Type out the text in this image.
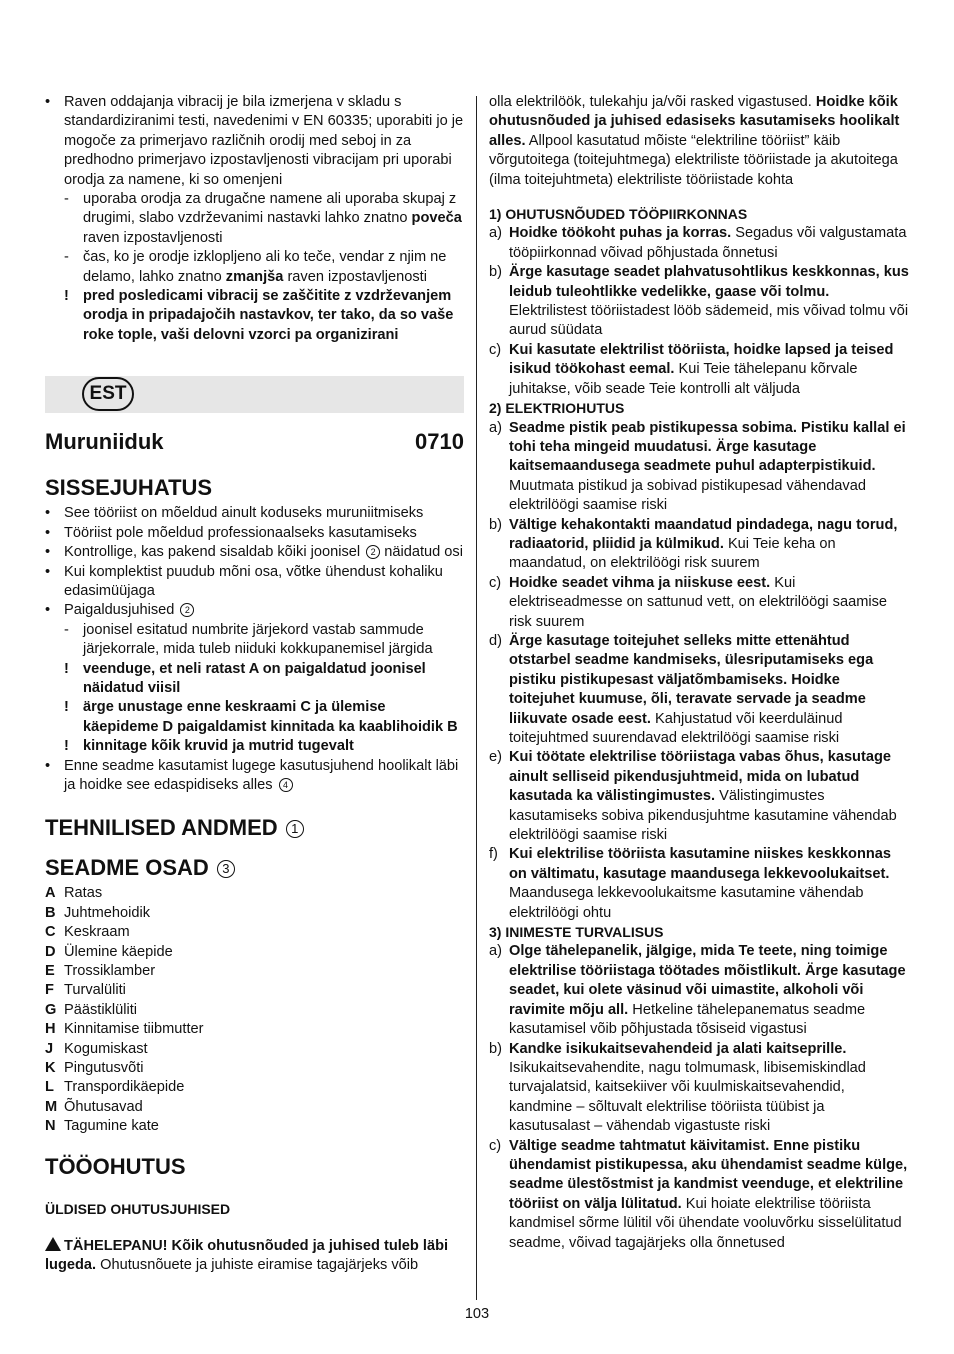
• Raven oddajanja vibracij je bila izmerjena v skladu s standardiziranimi testi, navedenimi v EN 60335; uporabiti jo je mogoče za primerjavo različnih orodij med seboj in za predhodno primerjavo izpostavljenosti vibracijam pri uporabi orodja za namene, ki so omenjeni
- uporaba orodja za drugačne namene ali uporaba skupaj z drugimi, slabo vzdrževanimi nastavki lahko znatno poveča raven izpostavljenosti
- čas, ko je orodje izklopljeno ali ko teče, vendar z njim ne delamo, lahko znatno zmanjša raven izpostavljenosti
! pred posledicami vibracij se zaščitite z vzdrževanjem orodja in pripadajočih nastavkov, ter tako, da so vaše roke tople, vaši delovni vzorci pa organizirani
EST
Muruniiduk	0710
SISSEJUHATUS
• See tööriist on mõeldud ainult koduseks muruniitmiseks
• Tööriist pole mõeldud professionaalseks kasutamiseks
• Kontrollige, kas pakend sisaldab kõiki joonisel 2 näidatud osi
• Kui komplektist puudub mõni osa, võtke ühendust kohaliku edasimüüjaga
• Paigaldusjuhised 2
- joonisel esitatud numbrite järjekord vastab sammude järjekorrale, mida tuleb niiduki kokkupanemisel järgida
! veenduge, et neli ratast A on paigaldatud joonisel näidatud viisil
! ärge unustage enne keskraami C ja ülemise käepideme D paigaldamist kinnitada ka kaablihoidik B
! kinnitage kõik kruvid ja mutrid tugevalt
• Enne seadme kasutamist lugege kasutusjuhend hoolikalt läbi ja hoidke see edaspidiseks alles 4
TEHNILISED ANDMED 1
SEADME OSAD 3
A Ratas
B Juhtmehoidik
C Keskraam
D Ülemine käepide
E Trossiklamber
F Turvalüliti
G Päästiklüliti
H Kinnitamise tiibmutter
J Kogumiskast
K Pingutusvõti
L Transpordikäepide
M Õhutusavad
N Tagumine kate
TÖÖOHUTUS
ÜLDISED OHUTUSJUHISED
TÄHELEPANU! Kõik ohutusnõuded ja juhised tuleb läbi lugeda. Ohutusnõuete ja juhiste eiramise tagajärjeks võib
olla elektrilöök, tulekahju ja/või rasked vigastused. Hoidke kõik ohutusnõuded ja juhised edasiseks kasutamiseks hoolikalt alles. Allpool kasutatud mõiste “elektriline tööriist” käib võrgutoitega (toitejuhtmega) elektriliste tööriistade ja akutoitega (ilma toitejuhtmeta) elektriliste tööriistade kohta
1) OHUTUSNÕUDED TÖÖPIIRKONNAS
a) Hoidke töökoht puhas ja korras. Segadus või valgustamata tööpiirkonnad võivad põhjustada õnnetusi
b) Ärge kasutage seadet plahvatusohtlikus keskkonnas, kus leidub tuleohtlikke vedelikke, gaase või tolmu. Elektrilistest tööriistadest lööb sädemeid, mis võivad tolmu või aurud süüdata
c) Kui kasutate elektrilist tööriista, hoidke lapsed ja teised isikud töökohast eemal. Kui Teie tähelepanu kõrvale juhitakse, võib seade Teie kontrolli alt väljuda
2) ELEKTRIOHUTUS
a) Seadme pistik peab pistikupessa sobima. Pistiku kallal ei tohi teha mingeid muudatusi. Ärge kasutage kaitsemaandusega seadmete puhul adapterpistikuid. Muutmata pistikud ja sobivad pistikupesad vähendavad elektrilöögi saamise riski
b) Vältige kehakontakti maandatud pindadega, nagu torud, radiaatorid, pliidid ja külmikud. Kui Teie keha on maandatud, on elektrilöögi risk suurem
c) Hoidke seadet vihma ja niiskuse eest. Kui elektriseadmesse on sattunud vett, on elektrilöögi saamise risk suurem
d) Ärge kasutage toitejuhet selleks mitte ettenähtud otstarbel seadme kandmiseks, ülesriputamiseks ega pistiku pistikupesast väljatõmbamiseks. Hoidke toitejuhet kuumuse, õli, teravate servade ja seadme liikuvate osade eest. Kahjustatud või keerduläinud toitejuhtmed suurendavad elektrilöögi saamise riski
e) Kui töötate elektrilise tööriistaga vabas õhus, kasutage ainult selliseid pikendusjuhtmeid, mida on lubatud kasutada ka välistingimustes. Välistingimustes kasutamiseks sobiva pikendusjuhtme kasutamine vähendab elektrilöögi saamise riski
f) Kui elektrilise tööriista kasutamine niiskes keskkonnas on vältimatu, kasutage maandusega lekkevoolukaitset. Maandusega lekkevoolukaitsme kasutamine vähendab elektrilöögi ohtu
3) INIMESTE TURVALISUS
a) Olge tähelepanelik, jälgige, mida Te teete, ning toimige elektrilise tööriistaga töötades mõistlikult. Ärge kasutage seadet, kui olete väsinud või uimastite, alkoholi või ravimite mõju all. Hetkeline tähelepanematus seadme kasutamisel võib põhjustada tõsiseid vigastusi
b) Kandke isikukaitsevahendeid ja alati kaitseprille. Isikukaitsevahendite, nagu tolmumask, libisemiskindlad turvajalatsid, kaitsekiiver või kuulmiskaitsevahendid, kandmine – sõltuvalt elektrilise tööriista tüübist ja kasutusalast – vähendab vigastuste riski
c) Vältige seadme tahtmatut käivitamist. Enne pistiku ühendamist pistikupessa, aku ühendamist seadme külge, seadme ülestõstmist ja kandmist veenduge, et elektriline tööriist on välja lülitatud. Kui hoiate elektrilise tööriista kandmisel sõrme lülitil või ühendate vooluvõrku sisselülitatud seadme, võivad tagajärjeks olla õnnetused
103
